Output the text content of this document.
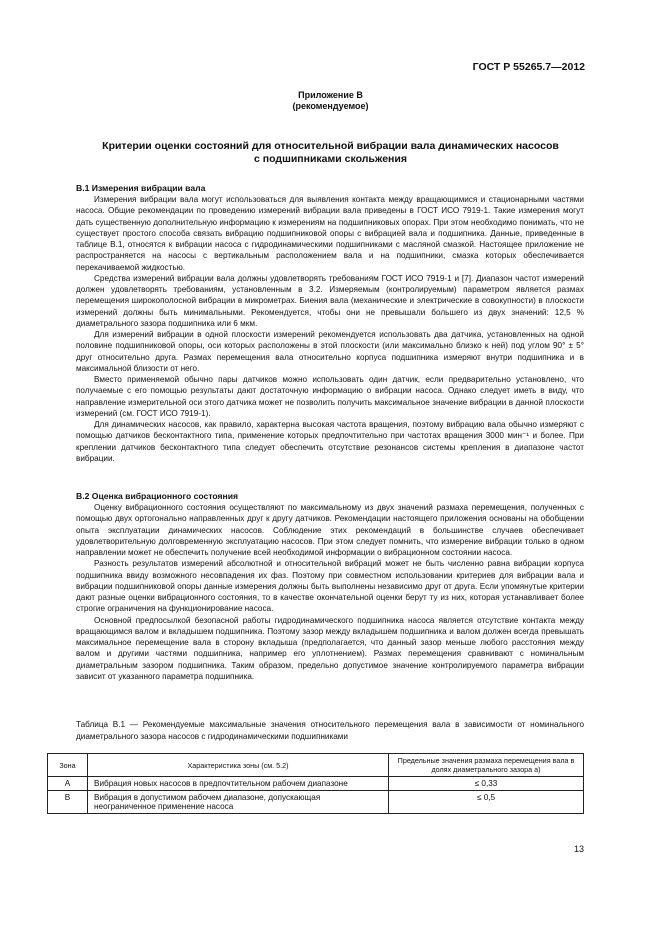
ГОСТ Р 55265.7—2012
Приложение В
(рекомендуемое)
Критерии оценки состояний для относительной вибрации вала динамических насосов
с подшипниками скольжения
В.1 Измерения вибрации вала

Измерения вибрации вала могут использоваться для выявления контакта между вращающимися и стационарными частями насоса. Общие рекомендации по проведению измерений вибрации вала приведены в ГОСТ ИСО 7919-1. Такие измерения могут дать существенную дополнительную информацию к измерениям на подшипниковых опорах. При этом необходимо понимать, что не существует простого способа связать вибрацию подшипниковой опоры с вибрацией вала и подшипника. Данные, приведенные в таблице В.1, относятся к вибрации насоса с гидродинамическими подшипниками с масляной смазкой. Настоящее приложение не распространяется на насосы с вертикальным расположением вала и на подшипники, смазка которых обеспечивается перекачиваемой жидкостью.

Средства измерений вибрации вала должны удовлетворять требованиям ГОСТ ИСО 7919-1 и [7]. Диапазон частот измерений должен удовлетворять требованиям, установленным в 3.2. Измеряемым (контролируемым) параметром является размах перемещения широкополосной вибрации в микрометрах. Биения вала (механические и электрические в совокупности) в плоскости измерений должны быть минимальными. Рекомендуется, чтобы они не превышали большего из двух значений: 12,5 % диаметрального зазора подшипника или 6 мкм.

Для измерений вибрации в одной плоскости измерений рекомендуется использовать два датчика, установленных на одной половине подшипниковой опоры, оси которых расположены в этой плоскости (или максимально близко к ней) под углом 90° ± 5° друг относительно друга. Размах перемещения вала относительно корпуса подшипника измеряют внутри подшипника и в максимальной близости от него.

Вместо применяемой обычно пары датчиков можно использовать один датчик, если предварительно установлено, что получаемые с его помощью результаты дают достаточную информацию о вибрации насоса. Однако следует иметь в виду, что направление измерительной оси этого датчика может не позволить получить максимальное значение вибрации в данной плоскости измерений (см. ГОСТ ИСО 7919-1).

Для динамических насосов, как правило, характерна высокая частота вращения, поэтому вибрацию вала обычно измеряют с помощью датчиков бесконтактного типа, применение которых предпочтительно при частотах вращения 3000 мин⁻¹ и более. При креплении датчиков бесконтактного типа следует обеспечить отсутствие резонансов системы крепления в диапазоне частот вибрации.

В.2 Оценка вибрационного состояния

Оценку вибрационного состояния осуществляют по максимальному из двух значений размаха перемещения, полученных с помощью двух ортогонально направленных друг к другу датчиков. Рекомендации настоящего приложения основаны на обобщении опыта эксплуатации динамических насосов. Соблюдение этих рекомендаций в большинстве случаев обеспечивает удовлетворительную долговременную эксплуатацию насосов. При этом следует помнить, что измерение вибрации только в одном направлении может не обеспечить получение всей необходимой информации о вибрационном состоянии насоса.

Разность результатов измерений абсолютной и относительной вибраций может не быть численно равна вибрации корпуса подшипника ввиду возможного несовпадения их фаз. Поэтому при совместном использовании критериев для вибрации вала и вибрации подшипниковой опоры данные измерения должны быть выполнены независимо друг от друга. Если упомянутые критерии дают разные оценки вибрационного состояния, то в качестве окончательной оценки берут ту из них, которая устанавливает более строгие ограничения на функционирование насоса.

Основной предпосылкой безопасной работы гидродинамического подшипника насоса является отсутствие контакта между вращающимся валом и вкладышем подшипника. Поэтому зазор между вкладышем подшипника и валом должен всегда превышать максимальное перемещение вала в сторону вкладыша (предполагается, что данный зазор меньше любого расстояния между валом и другими частями подшипника, например его уплотнением). Размах перемещения сравнивают с номинальным диаметральным зазором подшипника. Таким образом, предельно допустимое значение контролируемого параметра вибрации зависит от указанного параметра подшипника.

Таблица В.1 — Рекомендуемые максимальные значения относительного перемещения вала в зависимости от номинального диаметрального зазора насосов с гидродинамическими подшипниками
Зона	Характеристика зоны (см. 5.2)	Предельные значения размаха перемещения вала в долях диаметрального зазора а)
А	Вибрация новых насосов в предпочтительном рабочем диапазоне	≤ 0,33
В	Вибрация в допустимом рабочем диапазоне, допускающая неограниченное применение насоса	≤ 0,5
13
